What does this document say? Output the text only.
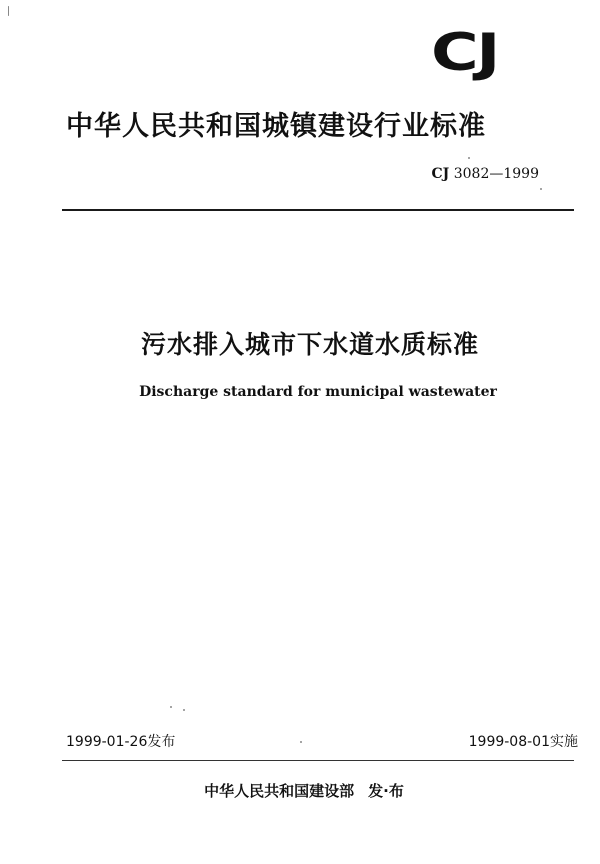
CJ
中华人民共和国城镇建设行业标准
CJ 3082—1999
污水排入城市下水道水质标准
Discharge standard for municipal wastewater
1999-01-26发布	1999-08-01实施
中华人民共和国建设部 发·布
